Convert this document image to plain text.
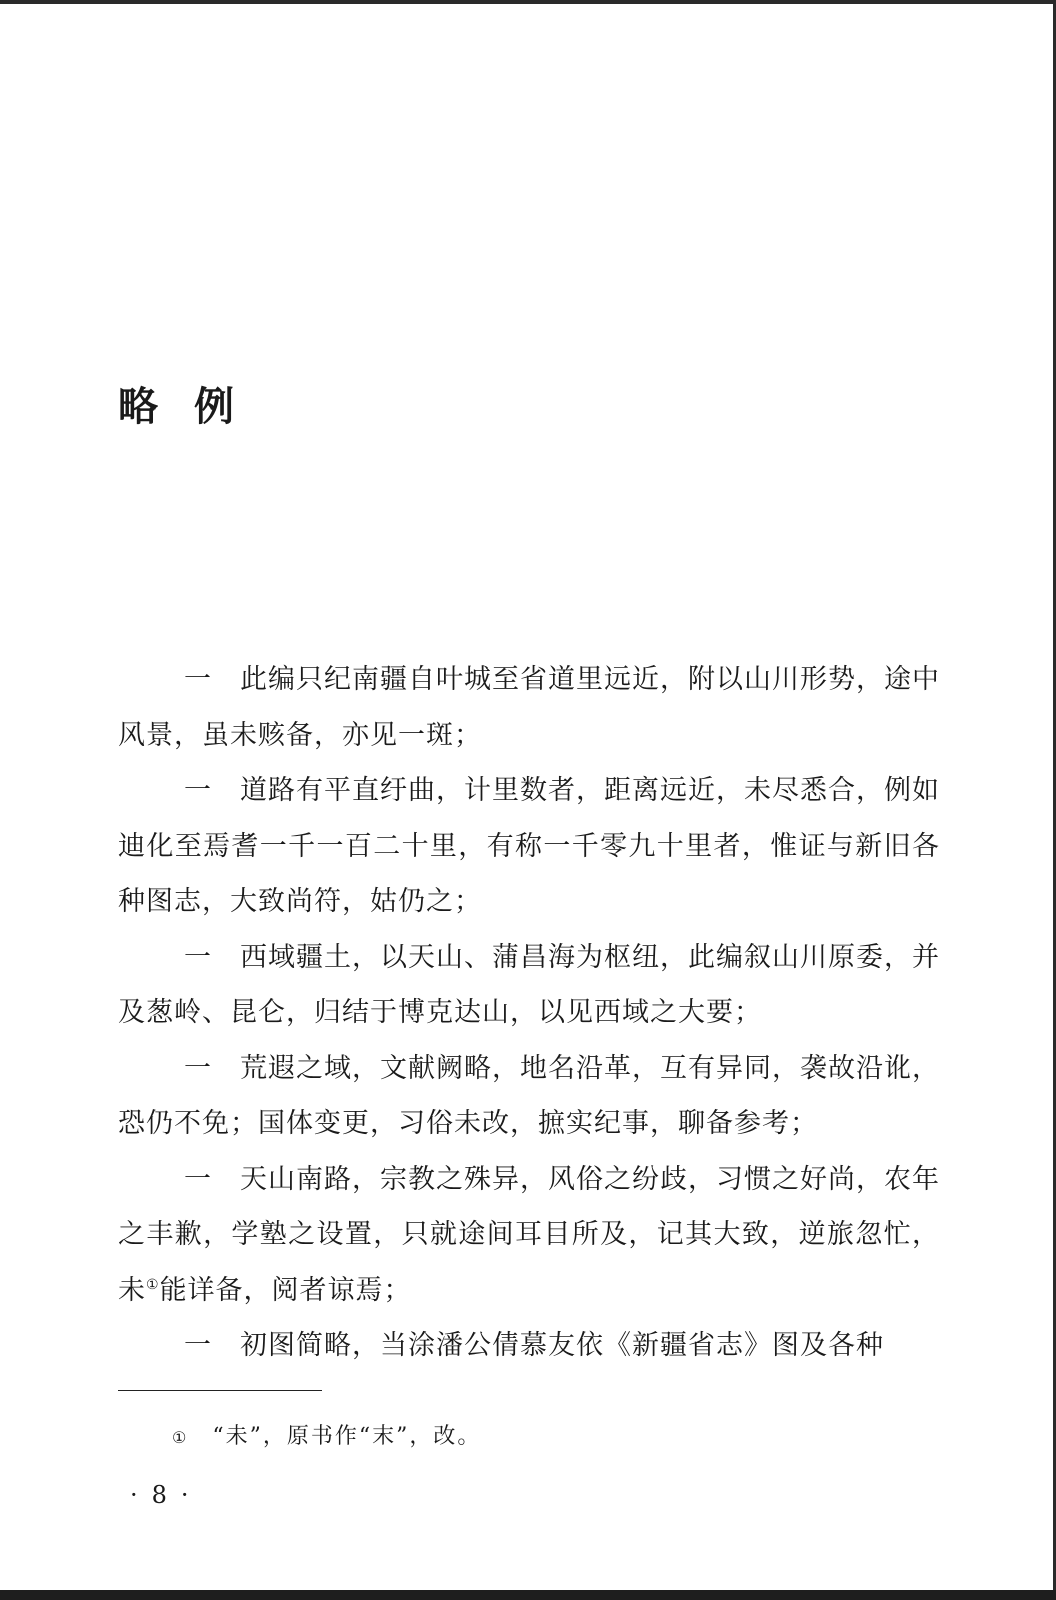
略例

一 此编只纪南疆自叶城至省道里远近，附以山川形势，途中风景，虽未赅备，亦见一斑；

一 道路有平直纡曲，计里数者，距离远近，未尽悉合，例如迪化至焉耆一千一百二十里，有称一千零九十里者，惟证与新旧各种图志，大致尚符，姑仍之；

一 西域疆土，以天山、蒲昌海为枢纽，此编叙山川原委，并及葱岭、昆仑，归结于博克达山，以见西域之大要；

一 荒遐之域，文献阙略，地名沿革，互有异同，袭故沿讹，恐仍不免；国体变更，习俗未改，摭实纪事，聊备参考；

一 天山南路，宗教之殊异，风俗之纷歧，习惯之好尚，农年之丰歉，学塾之设置，只就途间耳目所及，记其大致，逆旅忽忙，未①能详备，阅者谅焉；

一 初图简略，当涂潘公倩慕友依《新疆省志》图及各种

① “未”，原书作“末”，改。
·8·
